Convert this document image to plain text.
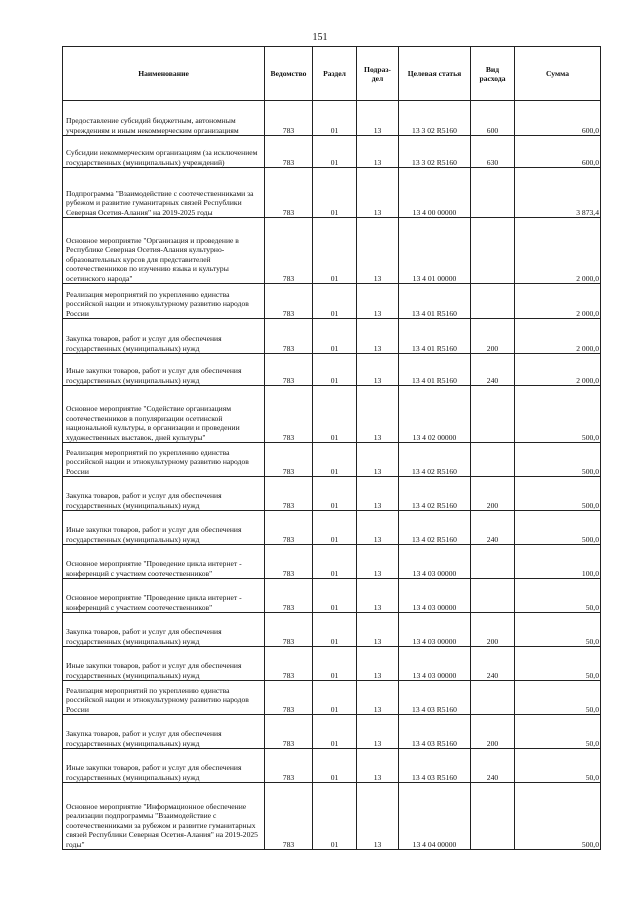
151
Наименование	Ведомство	Раздел	Подраз-дел	Целевая статья	Вид расхода	Сумма
Предоставление субсидий бюджетным, автономным учреждениям и иным некоммерческим организациям	783	01	13	13 3 02 R5160	600	600,0
Субсидии некоммерческим организациям (за исключением государственных (муниципальных) учреждений)	783	01	13	13 3 02 R5160	630	600,0
Подпрограмма "Взаимодействие с соотечественниками за рубежом и развитие гуманитарных связей Республики Северная Осетия-Алания" на 2019-2025 годы	783	01	13	13 4 00 00000		3 873,4
Основное мероприятие "Организация и проведение в Республике Северная Осетия-Алания культурно-образовательных курсов для представителей соотечественников по изучению языка и культуры осетинского народа"	783	01	13	13 4 01 00000		2 000,0
Реализация мероприятий по укреплению единства российской нации и этнокультурному развитию народов России	783	01	13	13 4 01 R5160		2 000,0
Закупка товаров, работ и услуг для обеспечения государственных (муниципальных) нужд	783	01	13	13 4 01 R5160	200	2 000,0
Иные закупки товаров, работ и услуг для обеспечения государственных (муниципальных) нужд	783	01	13	13 4 01 R5160	240	2 000,0
Основное мероприятие "Содействие организациям соотечественников в популяризации осетинской национальной культуры, в организации и проведении художественных выставок, дней культуры"	783	01	13	13 4 02 00000		500,0
Реализация мероприятий по укреплению единства российской нации и этнокультурному развитию народов России	783	01	13	13 4 02 R5160		500,0
Закупка товаров, работ и услуг для обеспечения государственных (муниципальных) нужд	783	01	13	13 4 02 R5160	200	500,0
Иные закупки товаров, работ и услуг для обеспечения государственных (муниципальных) нужд	783	01	13	13 4 02 R5160	240	500,0
Основное мероприятие "Проведение цикла интернет - конференций с участием соотечественников"	783	01	13	13 4 03 00000		100,0
Основное мероприятие "Проведение цикла интернет - конференций с участием соотечественников"	783	01	13	13 4 03 00000		50,0
Закупка товаров, работ и услуг для обеспечения государственных (муниципальных) нужд	783	01	13	13 4 03 00000	200	50,0
Иные закупки товаров, работ и услуг для обеспечения государственных (муниципальных) нужд	783	01	13	13 4 03 00000	240	50,0
Реализация мероприятий по укреплению единства российской нации и этнокультурному развитию народов России	783	01	13	13 4 03 R5160		50,0
Закупка товаров, работ и услуг для обеспечения государственных (муниципальных) нужд	783	01	13	13 4 03 R5160	200	50,0
Иные закупки товаров, работ и услуг для обеспечения государственных (муниципальных) нужд	783	01	13	13 4 03 R5160	240	50,0
Основное мероприятие "Информационное обеспечение реализации подпрограммы "Взаимодействие с соотечественниками за рубежом и развитие гуманитарных связей Республики Северная Осетия-Алания" на 2019-2025 годы"	783	01	13	13 4 04 00000		500,0
